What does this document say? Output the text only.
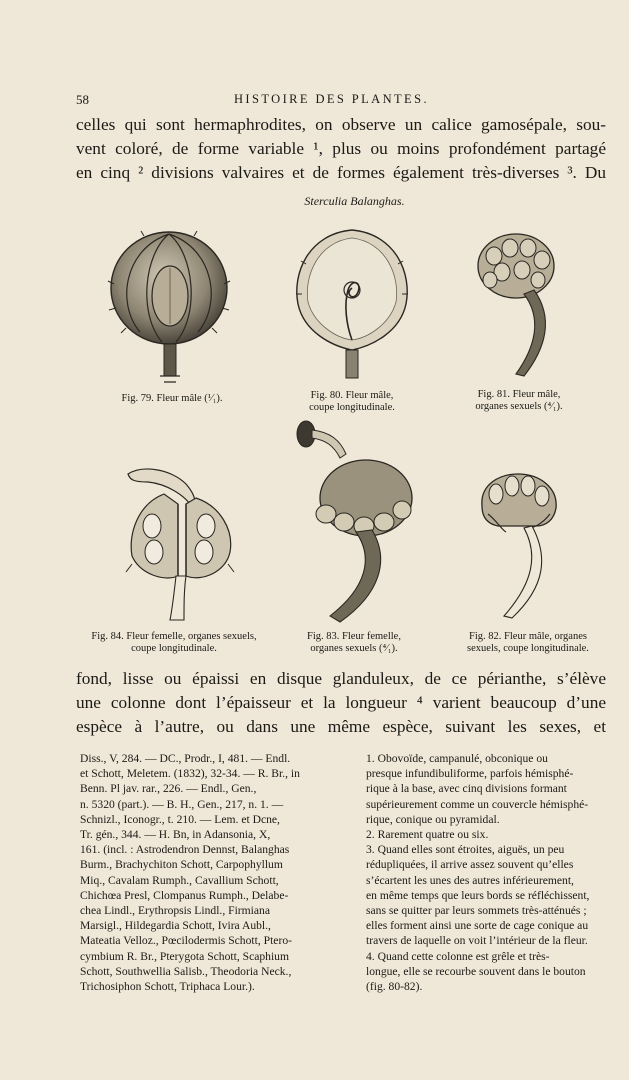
58	HISTOIRE DES PLANTES.
celles qui sont hermaphrodites, on observe un calice gamosépale, sou-
vent coloré, de forme variable ¹, plus ou moins profondément partagé
en cinq ² divisions valvaires et de formes également très-diverses ³. Du
Sterculia Balanghas.
Fig. 79. Fleur mâle (¹⁄₁).	Fig. 80. Fleur mâle,
coupe longitudinale.
Fig. 81. Fleur mâle,
organes sexuels (⁴⁄₁).
Fig. 84. Fleur femelle, organes sexuels,
coupe longitudinale.
Fig. 83. Fleur femelle,
organes sexuels (⁴⁄₁).
Fig. 82. Fleur mâle, organes
sexuels, coupe longitudinale.
fond, lisse ou épaissi en disque glanduleux, de ce périanthe, s’élève
une colonne dont l’épaisseur et la longueur ⁴ varient beaucoup d’une
espèce à l’autre, ou dans une même espèce, suivant les sexes, et
Diss., V, 284. — DC., Prodr., I, 481. — Endl.
et Schott, Meletem. (1832), 32-34. — R. Br., in
Benn. Pl jav. rar., 226. — Endl., Gen.,
n. 5320 (part.). — B. H., Gen., 217, n. 1. —
Schnizl., Iconogr., t. 210. — Lem. et Dcne,
Tr. gén., 344. — H. Bn, in Adansonia, X,
161. (incl. : Astrodendron Dennst, Balanghas
Burm., Brachychiton Schott, Carpophyllum
Miq., Cavalam Rumph., Cavallium Schott,
Chichœa Presl, Clompanus Rumph., Delabe-
chea Lindl., Erythropsis Lindl., Firmiana
Marsigl., Hildegardia Schott, Ivira Aubl.,
Mateatia Velloz., Pœcilodermis Schott, Ptero-
cymbium R. Br., Pterygota Schott, Scaphium
Schott, Southwellia Salisb., Theodoria Neck.,
Trichosiphon Schott, Triphaca Lour.).
1. Obovoïde, campanulé, obconique ou
presque infundibuliforme, parfois hémisphé-
rique à la base, avec cinq divisions formant
supérieurement comme un couvercle hémisphé-
rique, conique ou pyramidal.
2. Rarement quatre ou six.
3. Quand elles sont étroites, aiguës, un peu
rédupliquées, il arrive assez souvent qu’elles
s’écartent les unes des autres inférieurement,
en même temps que leurs bords se réfléchissent,
sans se quitter par leurs sommets très-atténués ;
elles forment ainsi une sorte de cage conique au
travers de laquelle on voit l’intérieur de la fleur.
4. Quand cette colonne est grêle et très-
longue, elle se recourbe souvent dans le bouton
(fig. 80-82).
